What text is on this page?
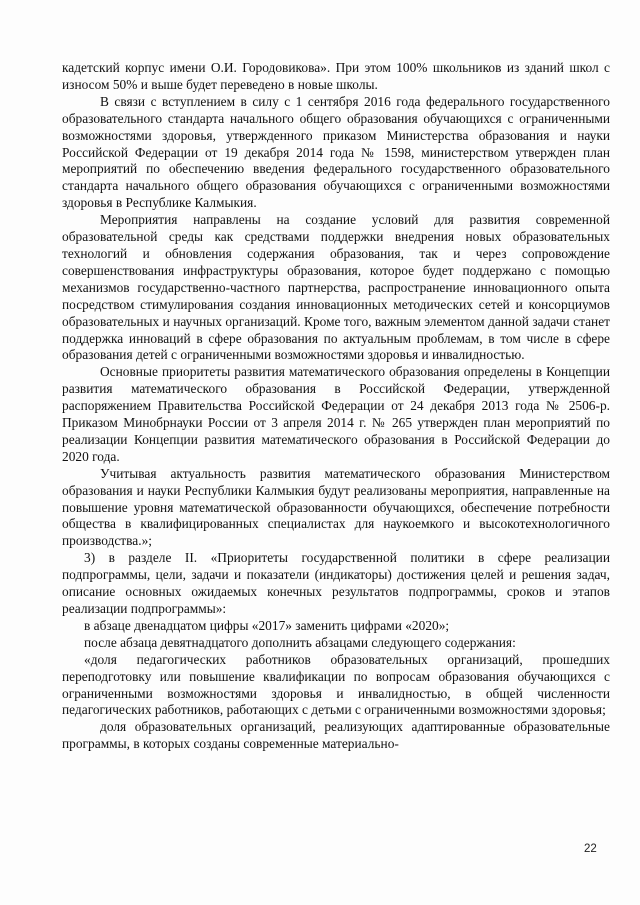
кадетский корпус имени О.И. Городовикова». При этом 100% школьников из зданий школ с износом 50% и выше будет переведено в новые школы.

В связи с вступлением в силу с 1 сентября 2016 года федерального государственного образовательного стандарта начального общего образования обучающихся с ограниченными возможностями здоровья, утвержденного приказом Министерства образования и науки Российской Федерации от 19 декабря 2014 года № 1598, министерством утвержден план мероприятий по обеспечению введения федерального государственного образовательного стандарта начального общего образования обучающихся с ограниченными возможностями здоровья в Республике Калмыкия.

Мероприятия направлены на создание условий для развития современной образовательной среды как средствами поддержки внедрения новых образовательных технологий и обновления содержания образования, так и через сопровождение совершенствования инфраструктуры образования, которое будет поддержано с помощью механизмов государственно-частного партнерства, распространение инновационного опыта посредством стимулирования создания инновационных методических сетей и консорциумов образовательных и научных организаций. Кроме того, важным элементом данной задачи станет поддержка инноваций в сфере образования по актуальным проблемам, в том числе в сфере образования детей с ограниченными возможностями здоровья и инвалидностью.

Основные приоритеты развития математического образования определены в Концепции развития математического образования в Российской Федерации, утвержденной распоряжением Правительства Российской Федерации от 24 декабря 2013 года № 2506-р. Приказом Минобрнауки России от 3 апреля 2014 г. № 265 утвержден план мероприятий по реализации Концепции развития математического образования в Российской Федерации до 2020 года.

Учитывая актуальность развития математического образования Министерством образования и науки Республики Калмыкия будут реализованы мероприятия, направленные на повышение уровня математической образованности обучающихся, обеспечение потребности общества в квалифицированных специалистах для наукоемкого и высокотехнологичного производства.»;

3) в разделе II. «Приоритеты государственной политики в сфере реализации подпрограммы, цели, задачи и показатели (индикаторы) достижения целей и решения задач, описание основных ожидаемых конечных результатов подпрограммы, сроков и этапов реализации подпрограммы»:

в абзаце двенадцатом цифры «2017» заменить цифрами «2020»;

после абзаца девятнадцатого дополнить абзацами следующего содержания:

«доля педагогических работников образовательных организаций, прошедших переподготовку или повышение квалификации по вопросам образования обучающихся с ограниченными возможностями здоровья и инвалидностью, в общей численности педагогических работников, работающих с детьми с ограниченными возможностями здоровья;

доля образовательных организаций, реализующих адаптированные образовательные программы, в которых созданы современные материально-

22
